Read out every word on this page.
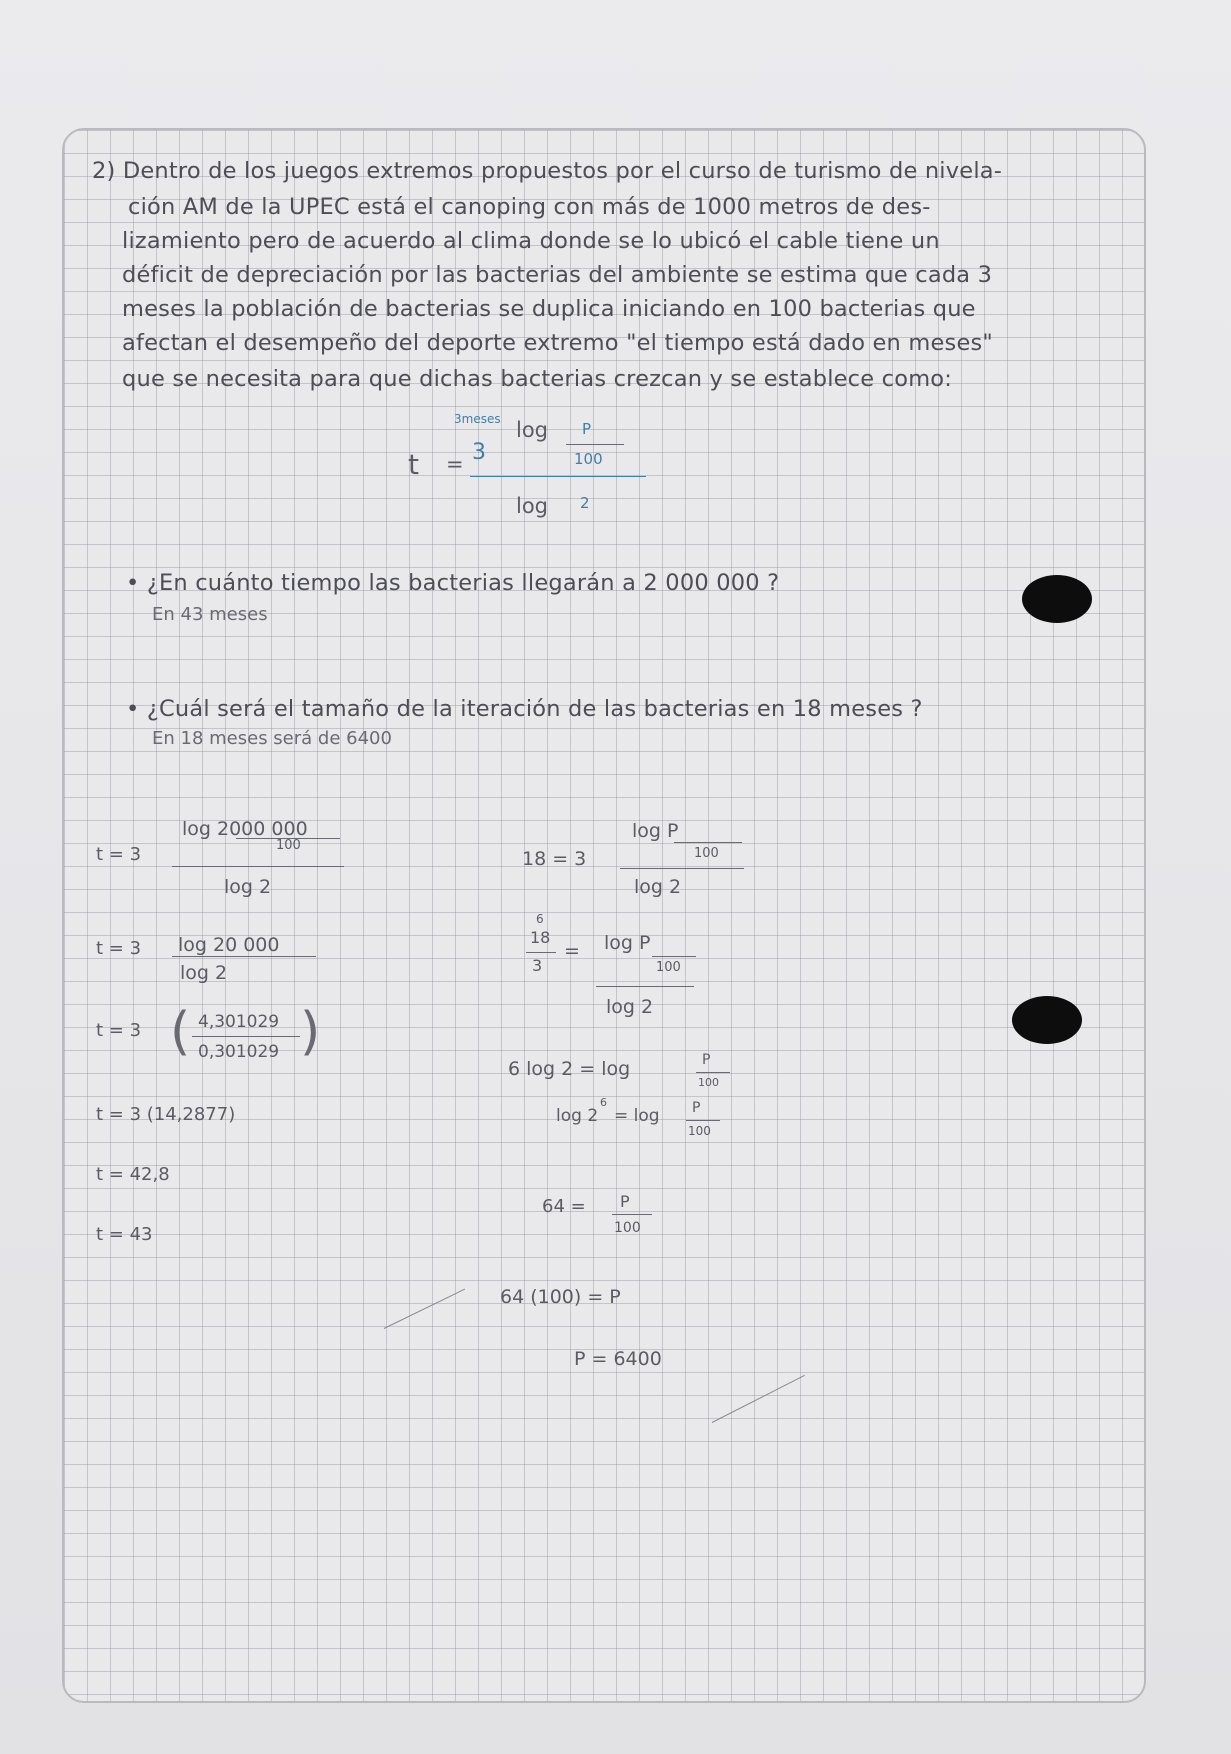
2) Dentro de los juegos extremos propuestos por el curso de turismo de nivela-
ción AM de la UPEC está el canoping con más de 1000 metros de des-
lizamiento pero de acuerdo al clima donde se lo ubicó el cable tiene un
déficit de depreciación por las bacterias del ambiente se estima que cada 3
meses la población de bacterias se duplica iniciando en 100 bacterias que
afectan el desempeño del deporte extremo "el tiempo está dado en meses"
que se necesita para que dichas bacterias crezcan y se establece como:
t =
3meses
3
log P
100
log 2
• ¿En cuánto tiempo las bacterias llegarán a 2 000 000 ?
En 43 meses
• ¿Cuál será el tamaño de la iteración de las bacterias en 18 meses ?
En 18 meses será de 6400
t = 3
log 2000 000
100
log 2
t = 3 log 20 000
log 2
t = 3 ( 4,301029
0,301029 )
t = 3 (14,2877)
t = 42,8
t = 43
18 = 3
log P
100
log 2
6
18
3
= log P
100
log 2
6 log 2 = log	P
100
log 2
6
= log P
100
64 = P
100
64 (100) = P
P = 6400
